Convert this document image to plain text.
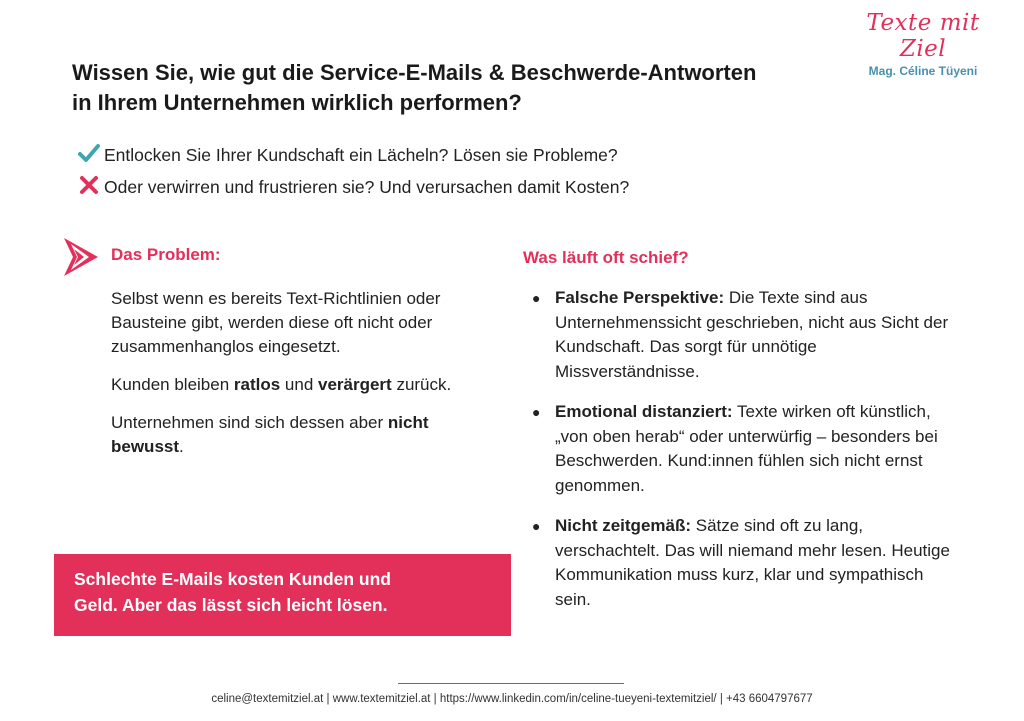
Texte mit Ziel
Mag. Céline Tüyeni
Wissen Sie, wie gut die Service-E-Mails & Beschwerde-Antworten
in Ihrem Unternehmen wirklich performen?
Entlocken Sie Ihrer Kundschaft ein Lächeln? Lösen sie Probleme?
Oder verwirren und frustrieren sie? Und verursachen damit Kosten?
Das Problem:

Selbst wenn es bereits Text-Richtlinien oder Bausteine gibt, werden diese oft nicht oder zusammenhanglos eingesetzt.

Kunden bleiben ratlos und verärgert zurück.

Unternehmen sind sich dessen aber nicht bewusst.

Schlechte E-Mails kosten Kunden und
Geld. Aber das lässt sich leicht lösen.
Was läuft oft schief?
● Falsche Perspektive: Die Texte sind aus Unternehmenssicht geschrieben, nicht aus Sicht der Kundschaft. Das sorgt für unnötige Missverständnisse.
● Emotional distanziert: Texte wirken oft künstlich, „von oben herab“ oder unterwürfig – besonders bei Beschwerden. Kund:innen fühlen sich nicht ernst genommen.
● Nicht zeitgemäß: Sätze sind oft zu lang, verschachtelt. Das will niemand mehr lesen. Heutige Kommunikation muss kurz, klar und sympathisch sein.
celine@textemitziel.at | www.textemitziel.at | https://www.linkedin.com/in/celine-tueyeni-textemitziel/ | +43 6604797677
